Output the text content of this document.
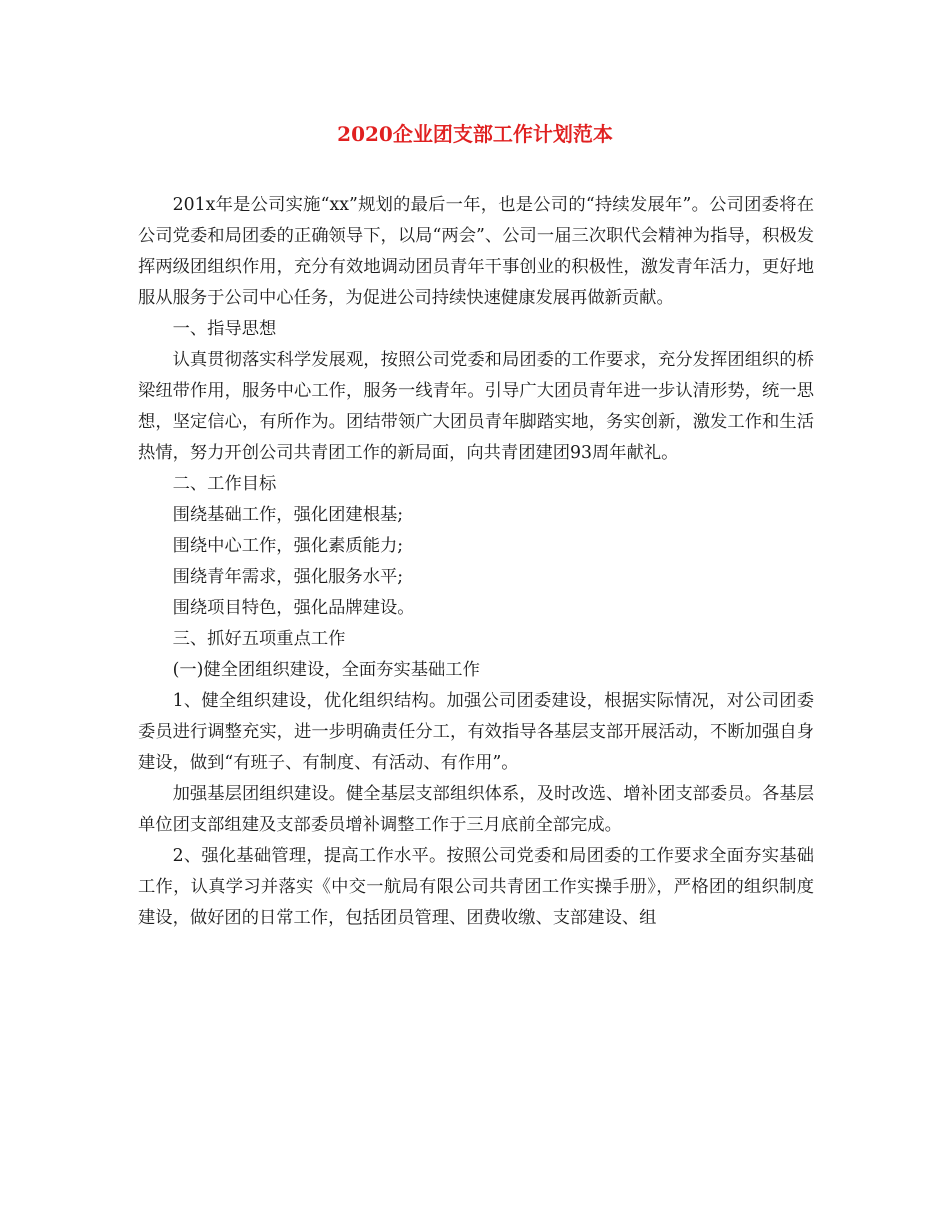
2020企业团支部工作计划范本

201x年是公司实施“xx”规划的最后一年，也是公司的“持续发展年”。公司团委将在公司党委和局团委的正确领导下，以局“两会”、公司一届三次职代会精神为指导，积极发挥两级团组织作用，充分有效地调动团员青年干事创业的积极性，激发青年活力，更好地服从服务于公司中心任务，为促进公司持续快速健康发展再做新贡献。

一、指导思想

认真贯彻落实科学发展观，按照公司党委和局团委的工作要求，充分发挥团组织的桥梁纽带作用，服务中心工作，服务一线青年。引导广大团员青年进一步认清形势，统一思想，坚定信心，有所作为。团结带领广大团员青年脚踏实地，务实创新，激发工作和生活热情，努力开创公司共青团工作的新局面，向共青团建团93周年献礼。

二、工作目标

围绕基础工作，强化团建根基;

围绕中心工作，强化素质能力;

围绕青年需求，强化服务水平;

围绕项目特色，强化品牌建设。

三、抓好五项重点工作

(一)健全团组织建设，全面夯实基础工作

1、健全组织建设，优化组织结构。加强公司团委建设，根据实际情况，对公司团委委员进行调整充实，进一步明确责任分工，有效指导各基层支部开展活动，不断加强自身建设，做到“有班子、有制度、有活动、有作用”。

加强基层团组织建设。健全基层支部组织体系，及时改选、增补团支部委员。各基层单位团支部组建及支部委员增补调整工作于三月底前全部完成。

2、强化基础管理，提高工作水平。按照公司党委和局团委的工作要求全面夯实基础工作，认真学习并落实《中交一航局有限公司共青团工作实操手册》，严格团的组织制度建设，做好团的日常工作，包括团员管理、团费收缴、支部建设、组
